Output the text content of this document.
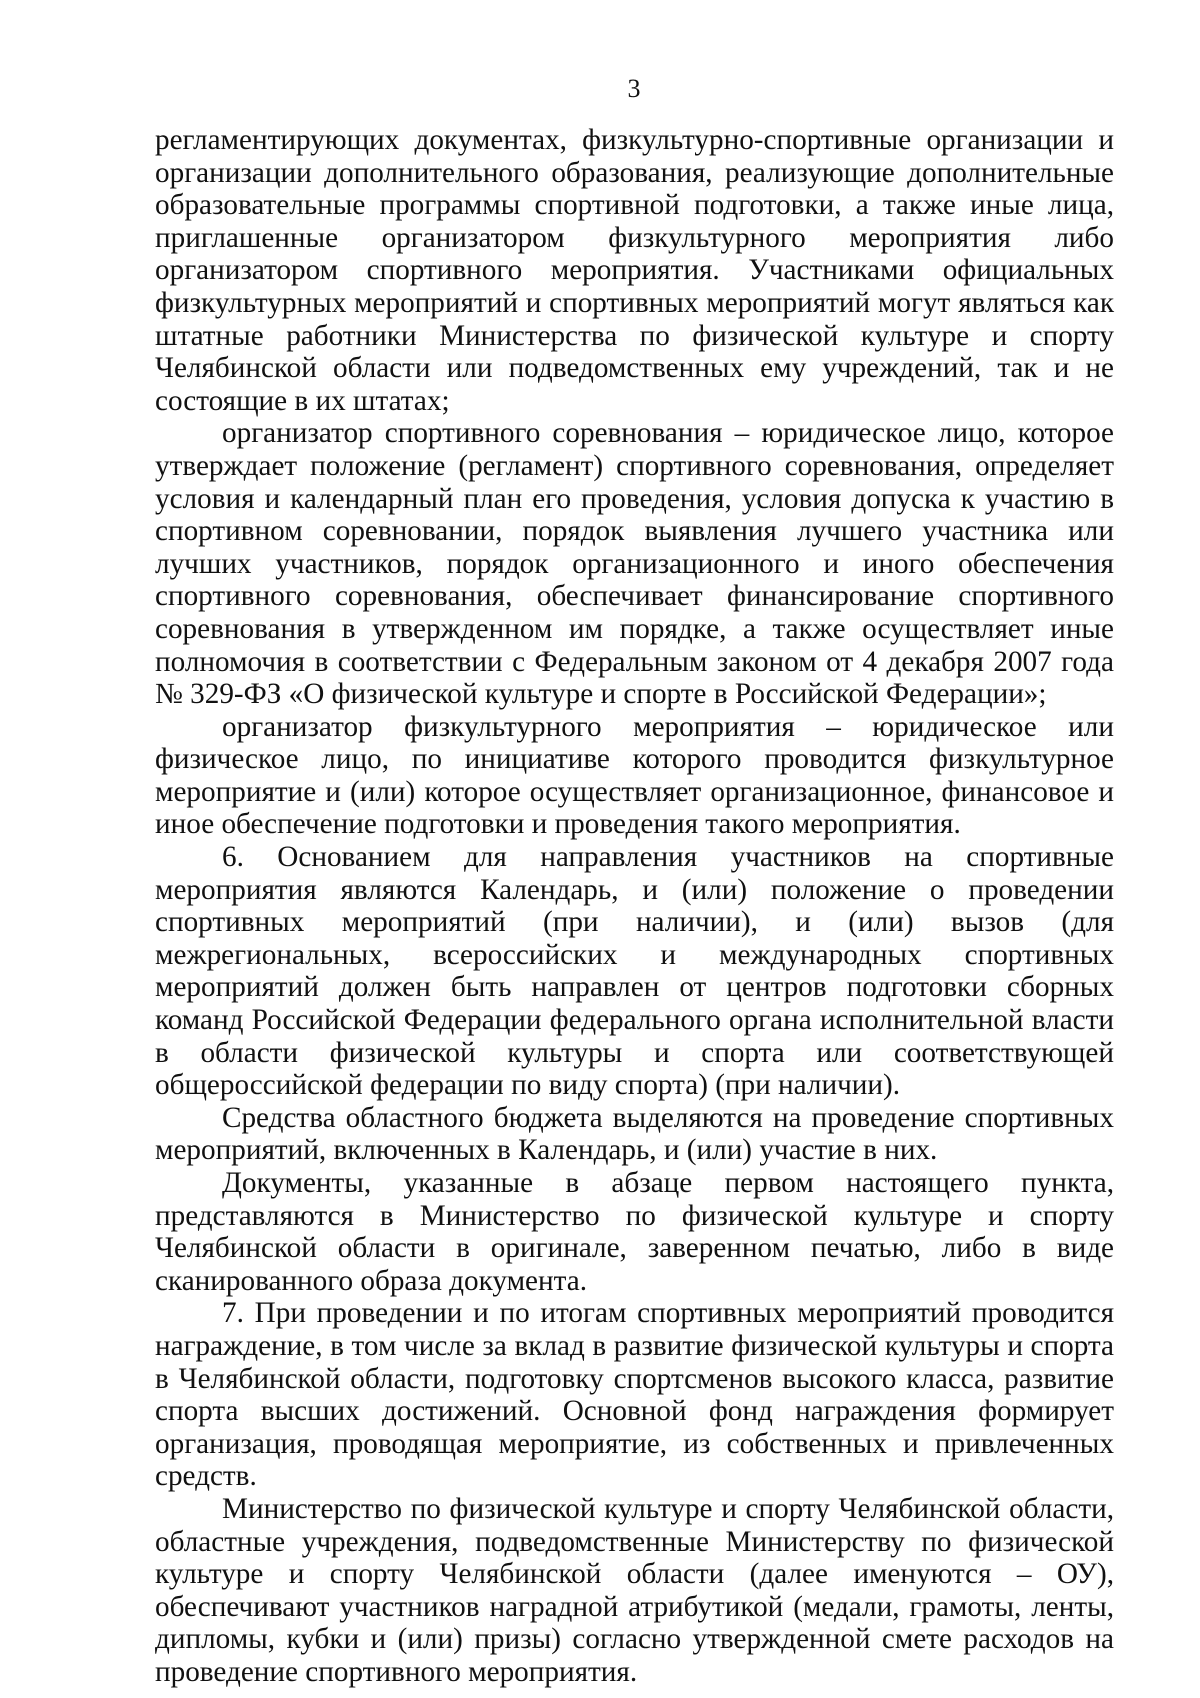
3

регламентирующих документах, физкультурно-спортивные организации и организации дополнительного образования, реализующие дополнительные образовательные программы спортивной подготовки, а также иные лица, приглашенные организатором физкультурного мероприятия либо организатором спортивного мероприятия. Участниками официальных физкультурных мероприятий и спортивных мероприятий могут являться как штатные работники Министерства по физической культуре и спорту Челябинской области или подведомственных ему учреждений, так и не состоящие в их штатах;

организатор спортивного соревнования – юридическое лицо, которое утверждает положение (регламент) спортивного соревнования, определяет условия и календарный план его проведения, условия допуска к участию в спортивном соревновании, порядок выявления лучшего участника или лучших участников, порядок организационного и иного обеспечения спортивного соревнования, обеспечивает финансирование спортивного соревнования в утвержденном им порядке, а также осуществляет иные полномочия в соответствии с Федеральным законом от 4 декабря 2007 года № 329-ФЗ «О физической культуре и спорте в Российской Федерации»;

организатор физкультурного мероприятия – юридическое или физическое лицо, по инициативе которого проводится физкультурное мероприятие и (или) которое осуществляет организационное, финансовое и иное обеспечение подготовки и проведения такого мероприятия.

6. Основанием для направления участников на спортивные мероприятия являются Календарь, и (или) положение о проведении спортивных мероприятий (при наличии), и (или) вызов (для межрегиональных, всероссийских и международных спортивных мероприятий должен быть направлен от центров подготовки сборных команд Российской Федерации федерального органа исполнительной власти в области физической культуры и спорта или соответствующей общероссийской федерации по виду спорта) (при наличии).

Средства областного бюджета выделяются на проведение спортивных мероприятий, включенных в Календарь, и (или) участие в них.

Документы, указанные в абзаце первом настоящего пункта, представляются в Министерство по физической культуре и спорту Челябинской области в оригинале, заверенном печатью, либо в виде сканированного образа документа.

7. При проведении и по итогам спортивных мероприятий проводится награждение, в том числе за вклад в развитие физической культуры и спорта в Челябинской области, подготовку спортсменов высокого класса, развитие спорта высших достижений. Основной фонд награждения формирует организация, проводящая мероприятие, из собственных и привлеченных средств.

Министерство по физической культуре и спорту Челябинской области, областные учреждения, подведомственные Министерству по физической культуре и спорту Челябинской области (далее именуются – ОУ), обеспечивают участников наградной атрибутикой (медали, грамоты, ленты, дипломы, кубки и (или) призы) согласно утвержденной смете расходов на проведение спортивного мероприятия.
